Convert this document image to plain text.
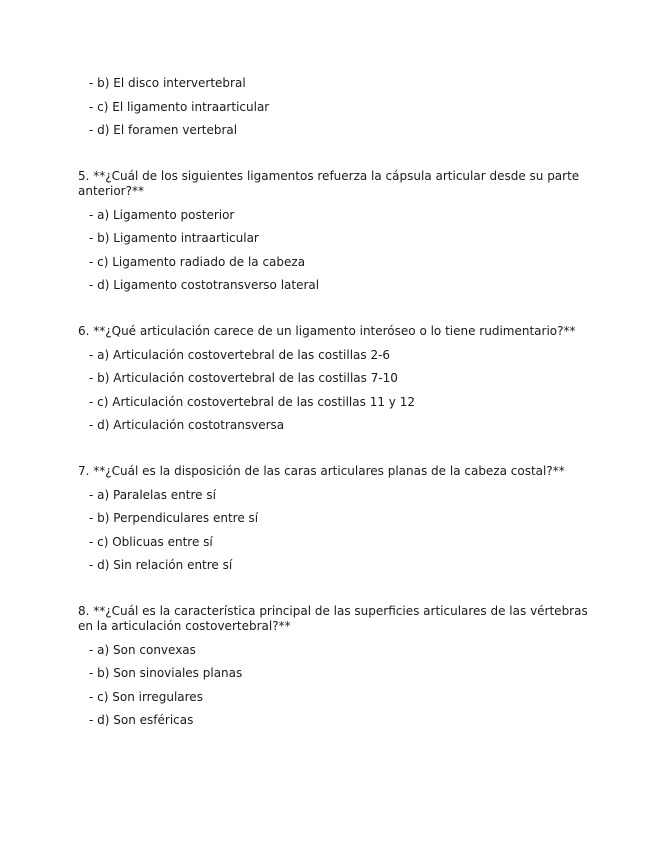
- b) El disco intervertebral
- c) El ligamento intraarticular
- d) El foramen vertebral
5. **¿Cuál de los siguientes ligamentos refuerza la cápsula articular desde su parte anterior?**
- a) Ligamento posterior
- b) Ligamento intraarticular
- c) Ligamento radiado de la cabeza
- d) Ligamento costotransverso lateral
6. **¿Qué articulación carece de un ligamento interóseo o lo tiene rudimentario?**
- a) Articulación costovertebral de las costillas 2-6
- b) Articulación costovertebral de las costillas 7-10
- c) Articulación costovertebral de las costillas 11 y 12
- d) Articulación costotransversa
7. **¿Cuál es la disposición de las caras articulares planas de la cabeza costal?**
- a) Paralelas entre sí
- b) Perpendiculares entre sí
- c) Oblicuas entre sí
- d) Sin relación entre sí
8. **¿Cuál es la característica principal de las superficies articulares de las vértebras en la articulación costovertebral?**
- a) Son convexas
- b) Son sinoviales planas
- c) Son irregulares
- d) Son esféricas
